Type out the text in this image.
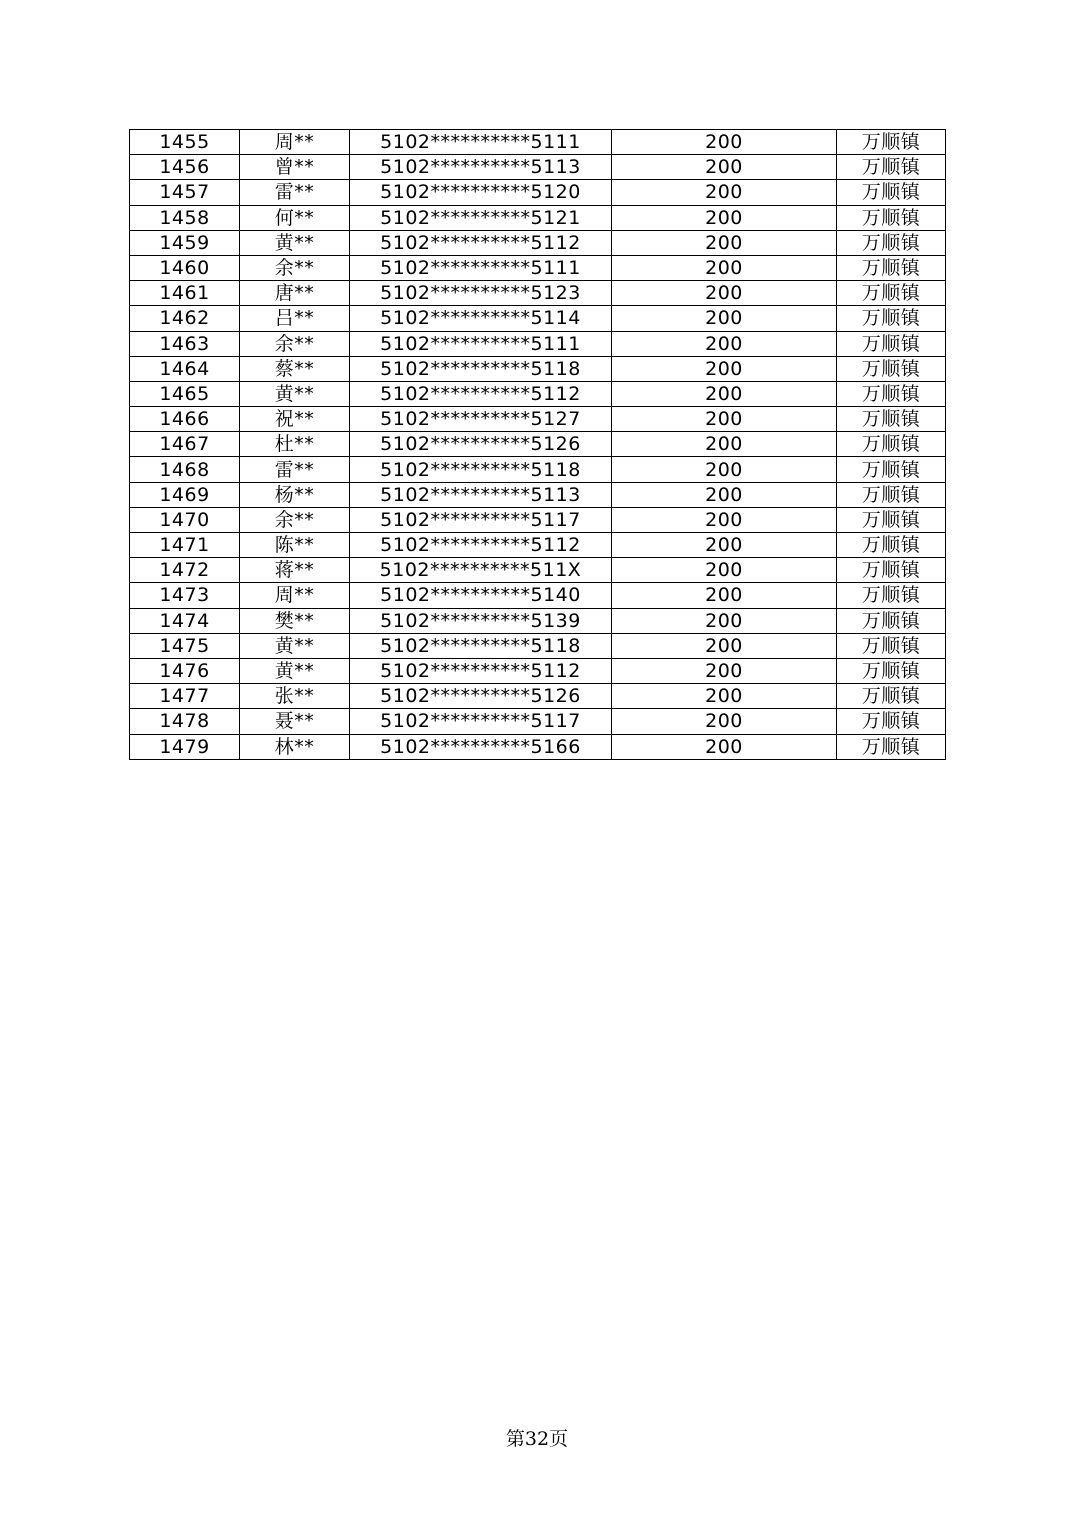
1455	周**	5102**********5111	200	万顺镇
1456	曾**	5102**********5113	200	万顺镇
1457	雷**	5102**********5120	200	万顺镇
1458	何**	5102**********5121	200	万顺镇
1459	黄**	5102**********5112	200	万顺镇
1460	余**	5102**********5111	200	万顺镇
1461	唐**	5102**********5123	200	万顺镇
1462	吕**	5102**********5114	200	万顺镇
1463	余**	5102**********5111	200	万顺镇
1464	蔡**	5102**********5118	200	万顺镇
1465	黄**	5102**********5112	200	万顺镇
1466	祝**	5102**********5127	200	万顺镇
1467	杜**	5102**********5126	200	万顺镇
1468	雷**	5102**********5118	200	万顺镇
1469	杨**	5102**********5113	200	万顺镇
1470	余**	5102**********5117	200	万顺镇
1471	陈**	5102**********5112	200	万顺镇
1472	蒋**	5102**********511X	200	万顺镇
1473	周**	5102**********5140	200	万顺镇
1474	樊**	5102**********5139	200	万顺镇
1475	黄**	5102**********5118	200	万顺镇
1476	黄**	5102**********5112	200	万顺镇
1477	张**	5102**********5126	200	万顺镇
1478	聂**	5102**********5117	200	万顺镇
1479	林**	5102**********5166	200	万顺镇
第32页
